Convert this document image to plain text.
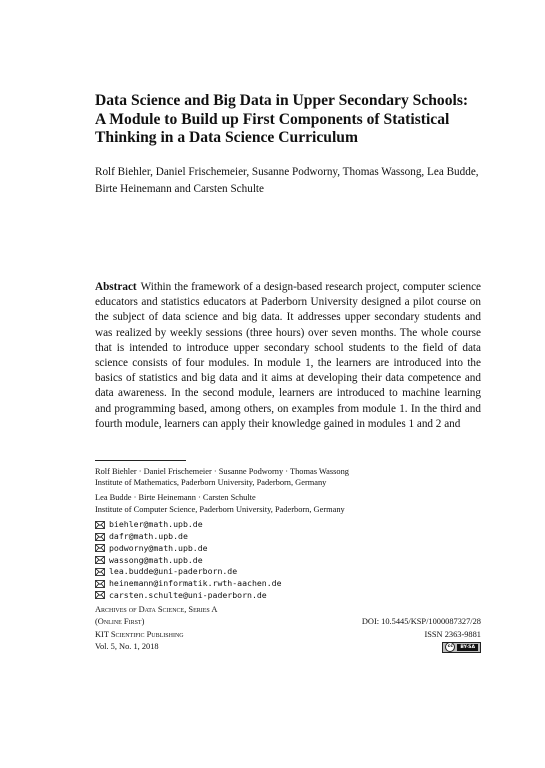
Data Science and Big Data in Upper Secondary Schools: A Module to Build up First Components of Statistical Thinking in a Data Science Curriculum

Rolf Biehler, Daniel Frischemeier, Susanne Podworny, Thomas Wassong, Lea Budde, Birte Heinemann and Carsten Schulte

Abstract Within the framework of a design-based research project, computer science educators and statistics educators at Paderborn University designed a pilot course on the subject of data science and big data. It addresses upper secondary students and was realized by weekly sessions (three hours) over seven months. The whole course that is intended to introduce upper secondary school students to the field of data science consists of four modules. In module 1, the learners are introduced into the basics of statistics and big data and it aims at developing their data competence and data awareness. In the second module, learners are introduced to machine learning and programming based, among others, on examples from module 1. In the third and fourth module, learners can apply their knowledge gained in modules 1 and 2 and

Rolf Biehler · Daniel Frischemeier · Susanne Podworny · Thomas Wassong
Institute of Mathematics, Paderborn University, Paderborn, Germany
Lea Budde · Birte Heinemann · Carsten Schulte
Institute of Computer Science, Paderborn University, Paderborn, Germany
biehler@math.upb.de
dafr@math.upb.de
podworny@math.upb.de
wassong@math.upb.de
lea.budde@uni-paderborn.de
heinemann@informatik.rwth-aachen.de
carsten.schulte@uni-paderborn.de
Archives of Data Science, Series A
(Online First)	DOI: 10.5445/KSP/1000087327/28
KIT Scientific Publishing	ISSN 2363-9881
Vol. 5, No. 1, 2018	cc	BY-SA
